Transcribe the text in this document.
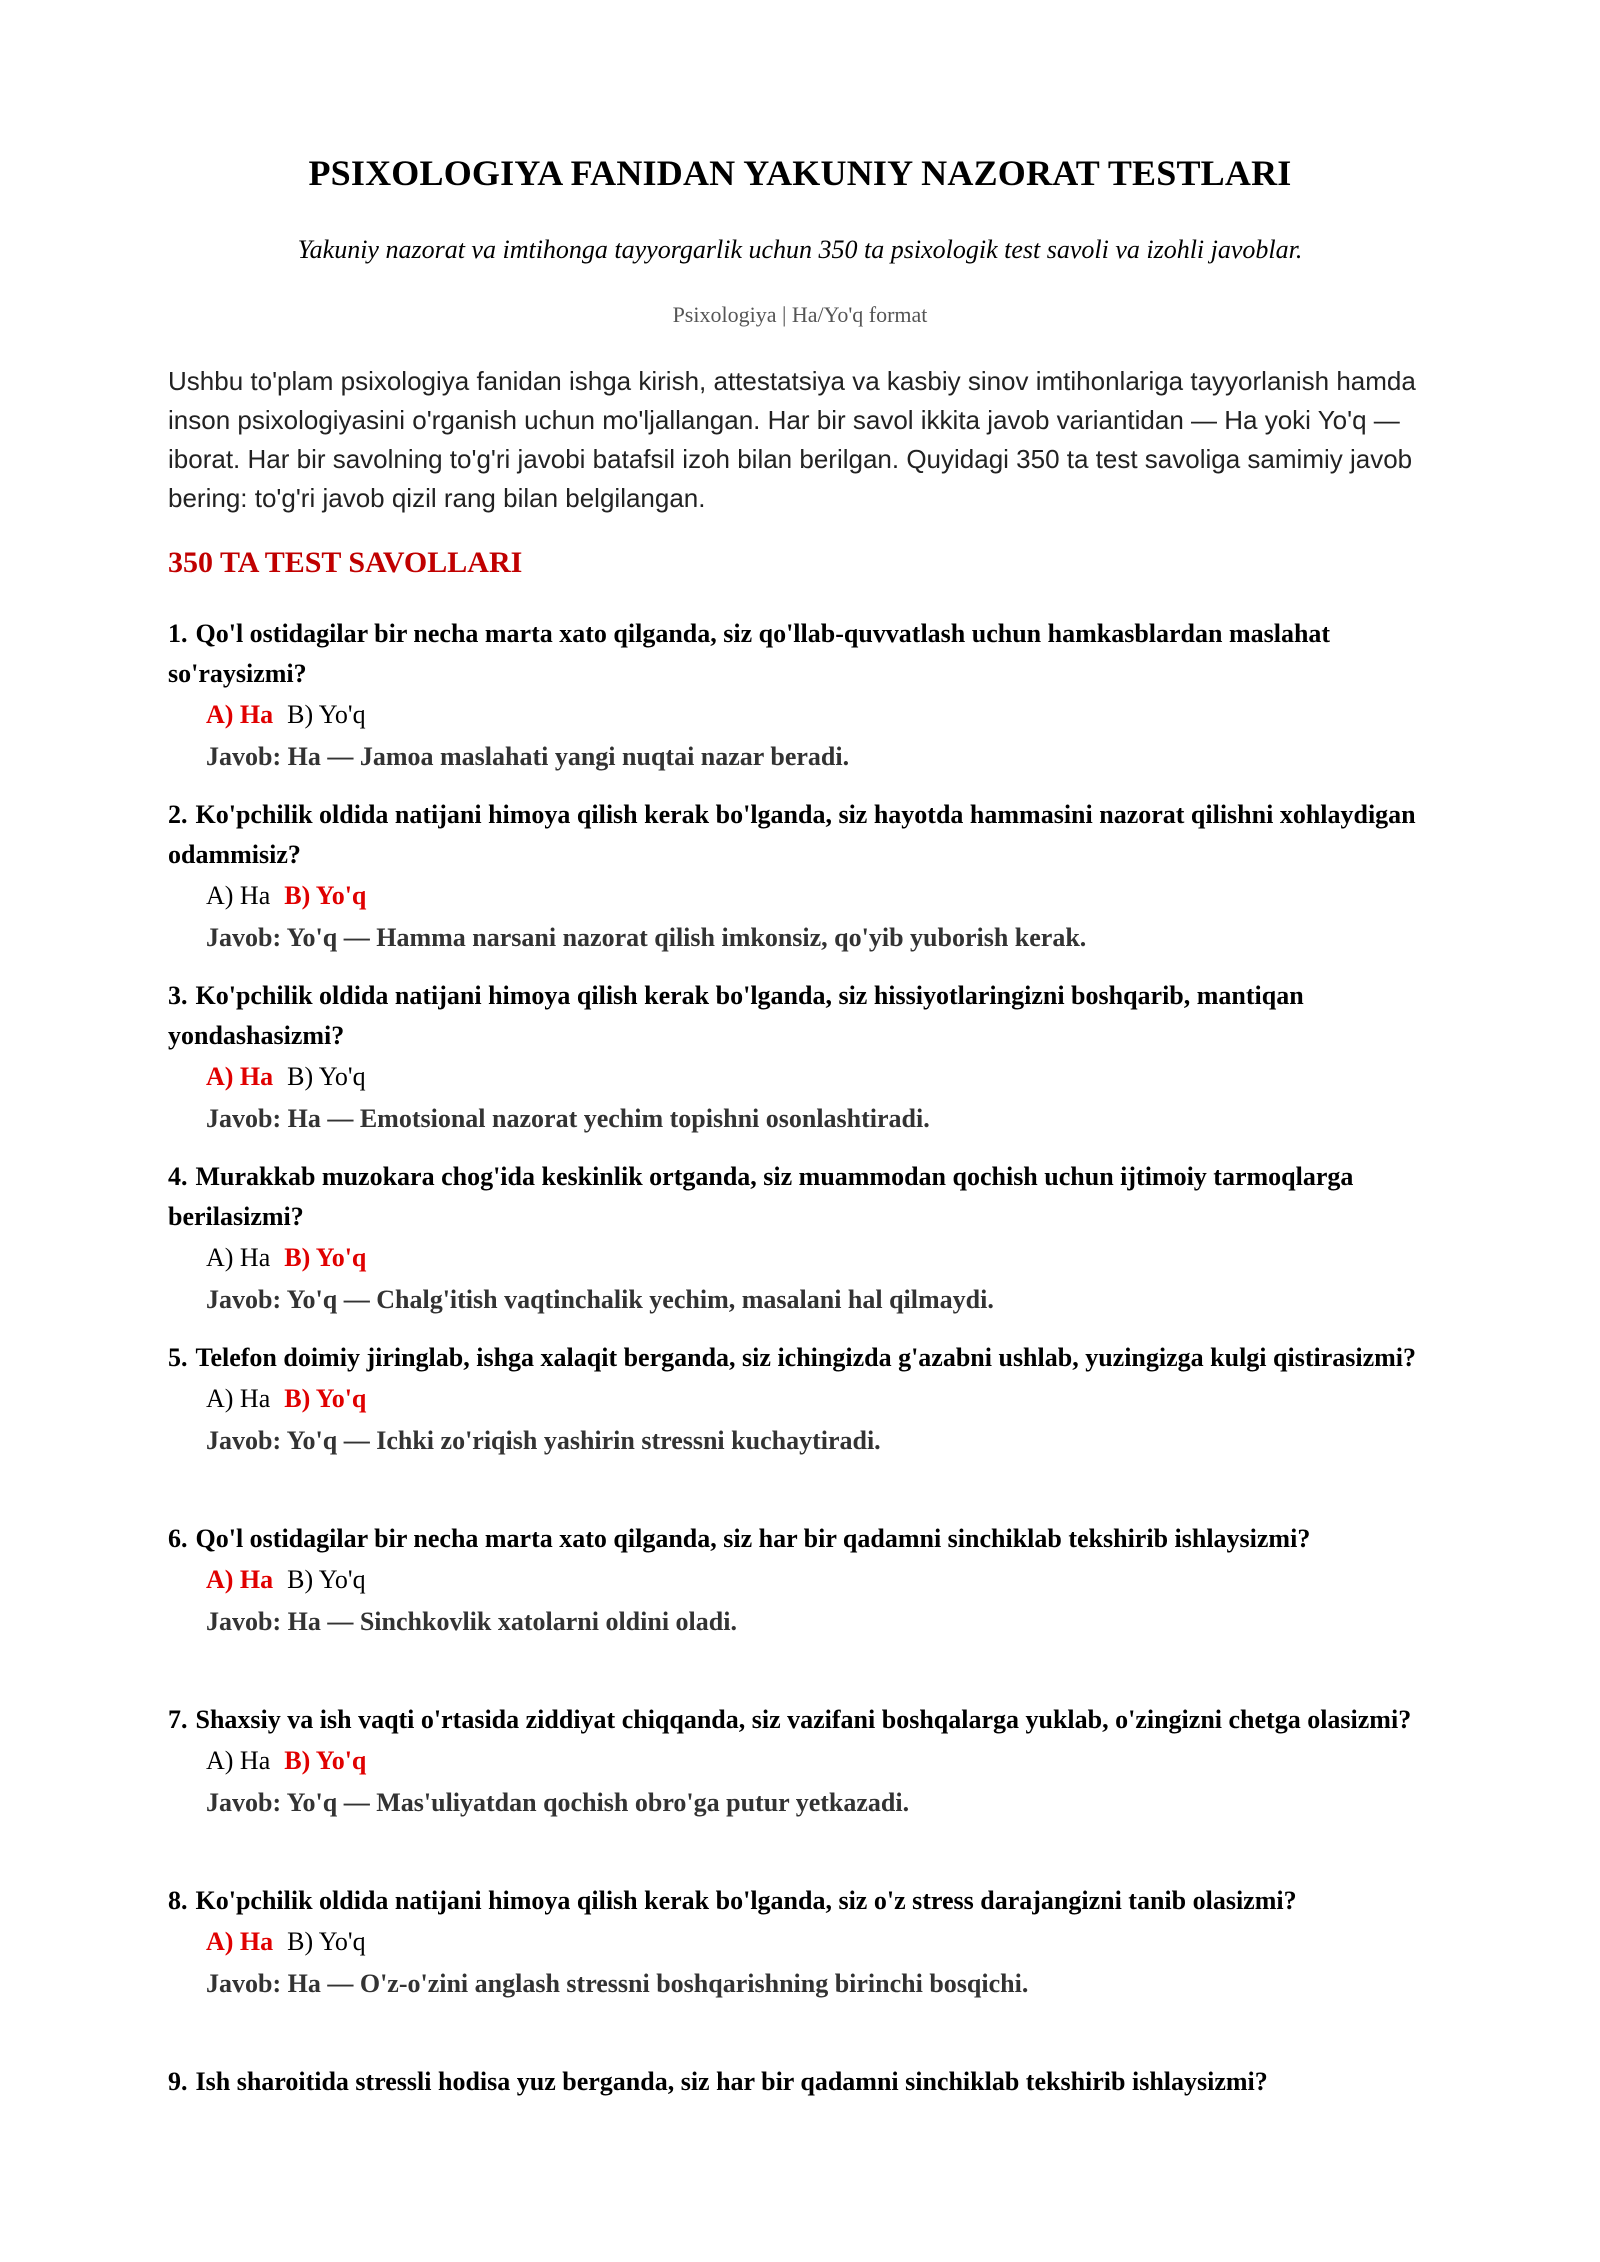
PSIXOLOGIYA FANIDAN YAKUNIY NAZORAT TESTLARI
Yakuniy nazorat va imtihonga tayyorgarlik uchun 350 ta psixologik test savoli va izohli javoblar.
Psixologiya | Ha/Yo'q format
Ushbu to'plam psixologiya fanidan ishga kirish, attestatsiya va kasbiy sinov imtihonlariga tayyorlanish hamda inson psixologiyasini o'rganish uchun mo'ljallangan. Har bir savol ikkita javob variantidan — Ha yoki Yo'q — iborat. Har bir savolning to'g'ri javobi batafsil izoh bilan berilgan. Quyidagi 350 ta test savoliga samimiy javob bering: to'g'ri javob qizil rang bilan belgilangan.
350 TA TEST SAVOLLARI
1. Qo'l ostidagilar bir necha marta xato qilganda, siz qo'llab-quvvatlash uchun hamkasblardan maslahat so'raysizmi?
A) Ha B) Yo'q
Javob: Ha — Jamoa maslahati yangi nuqtai nazar beradi.
2. Ko'pchilik oldida natijani himoya qilish kerak bo'lganda, siz hayotda hammasini nazorat qilishni xohlaydigan odammisiz?
A) Ha B) Yo'q
Javob: Yo'q — Hamma narsani nazorat qilish imkonsiz, qo'yib yuborish kerak.
3. Ko'pchilik oldida natijani himoya qilish kerak bo'lganda, siz hissiyotlaringizni boshqarib, mantiqan yondashasizmi?
A) Ha B) Yo'q
Javob: Ha — Emotsional nazorat yechim topishni osonlashtiradi.
4. Murakkab muzokara chog'ida keskinlik ortganda, siz muammodan qochish uchun ijtimoiy tarmoqlarga berilasizmi?
A) Ha B) Yo'q
Javob: Yo'q — Chalg'itish vaqtinchalik yechim, masalani hal qilmaydi.
5. Telefon doimiy jiringlab, ishga xalaqit berganda, siz ichingizda g'azabni ushlab, yuzingizga kulgi qistirasizmi?
A) Ha B) Yo'q
Javob: Yo'q — Ichki zo'riqish yashirin stressni kuchaytiradi.
6. Qo'l ostidagilar bir necha marta xato qilganda, siz har bir qadamni sinchiklab tekshirib ishlaysizmi?
A) Ha B) Yo'q
Javob: Ha — Sinchkovlik xatolarni oldini oladi.
7. Shaxsiy va ish vaqti o'rtasida ziddiyat chiqqanda, siz vazifani boshqalarga yuklab, o'zingizni chetga olasizmi?
A) Ha B) Yo'q
Javob: Yo'q — Mas'uliyatdan qochish obro'ga putur yetkazadi.
8. Ko'pchilik oldida natijani himoya qilish kerak bo'lganda, siz o'z stress darajangizni tanib olasizmi?
A) Ha B) Yo'q
Javob: Ha — O'z-o'zini anglash stressni boshqarishning birinchi bosqichi.
9. Ish sharoitida stressli hodisa yuz berganda, siz har bir qadamni sinchiklab tekshirib ishlaysizmi?
